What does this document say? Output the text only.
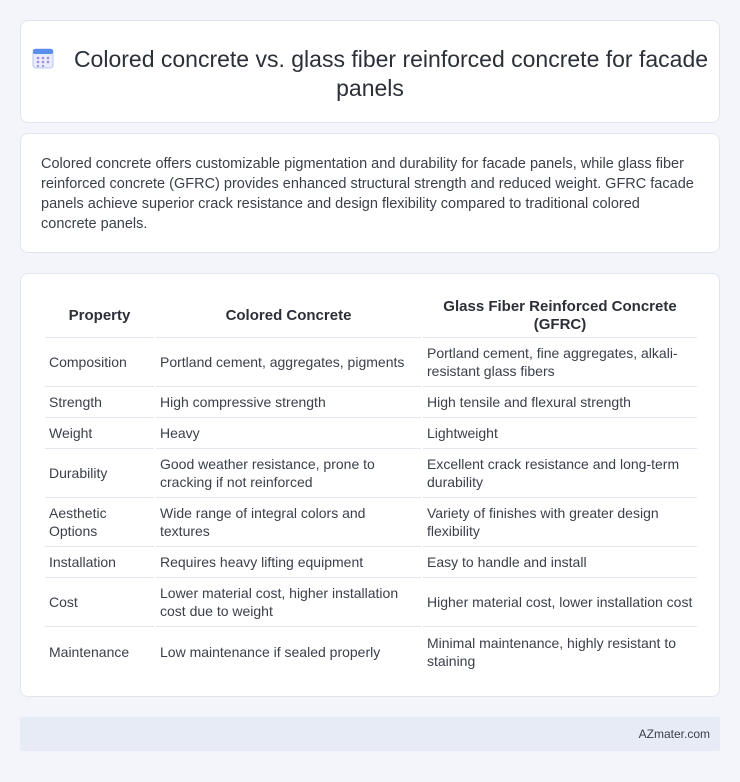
Colored concrete vs. glass fiber reinforced concrete for facade panels

Colored concrete offers customizable pigmentation and durability for facade panels, while glass fiber reinforced concrete (GFRC) provides enhanced structural strength and reduced weight. GFRC facade panels achieve superior crack resistance and design flexibility compared to traditional colored concrete panels.

Property	Colored Concrete	Glass Fiber Reinforced Concrete (GFRC)
Composition	Portland cement, aggregates, pigments	Portland cement, fine aggregates, alkali-resistant glass fibers
Strength	High compressive strength	High tensile and flexural strength
Weight	Heavy	Lightweight
Durability	Good weather resistance, prone to cracking if not reinforced	Excellent crack resistance and long-term durability
Aesthetic Options	Wide range of integral colors and textures	Variety of finishes with greater design flexibility
Installation	Requires heavy lifting equipment	Easy to handle and install
Cost	Lower material cost, higher installation cost due to weight	Higher material cost, lower installation cost
Maintenance	Low maintenance if sealed properly	Minimal maintenance, highly resistant to staining
AZmater.com
